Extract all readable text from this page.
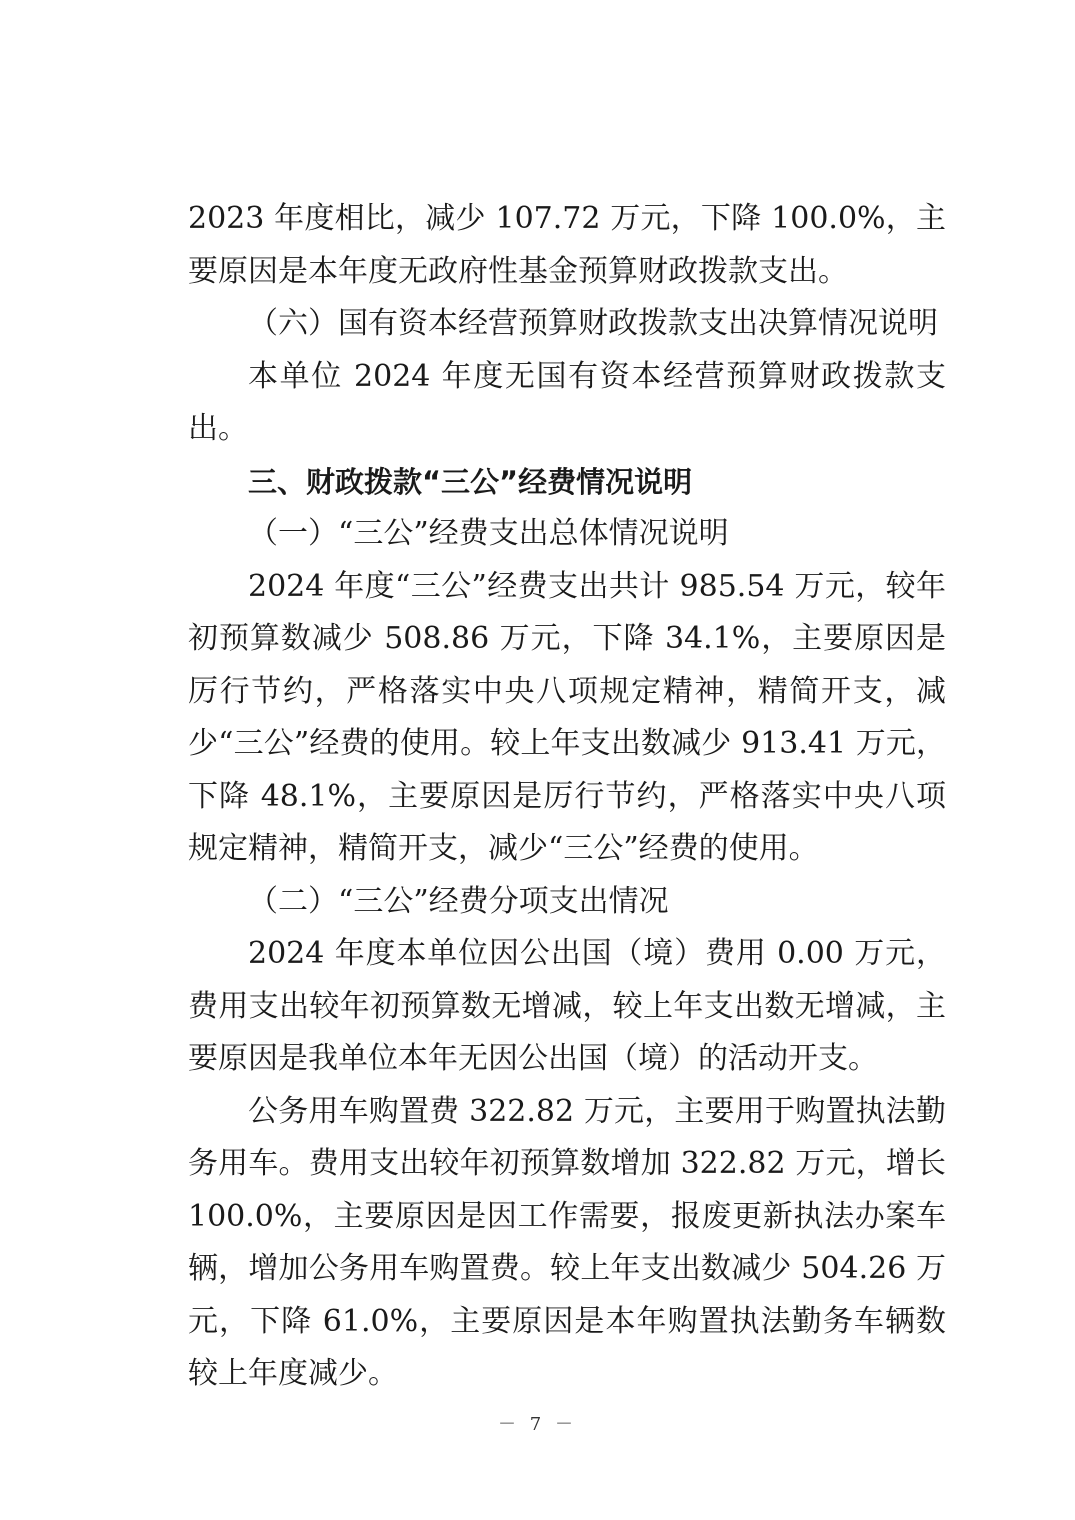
2023 年度相比，减少 107.72 万元，下降 100.0%，主要原因是本年度无政府性基金预算财政拨款支出。

（六）国有资本经营预算财政拨款支出决算情况说明

本单位 2024 年度无国有资本经营预算财政拨款支出。

三、财政拨款“三公”经费情况说明

（一）“三公”经费支出总体情况说明

2024 年度“三公”经费支出共计 985.54 万元，较年初预算数减少 508.86 万元，下降 34.1%，主要原因是厉行节约，严格落实中央八项规定精神，精简开支，减少“三公”经费的使用。较上年支出数减少 913.41 万元，下降 48.1%，主要原因是厉行节约，严格落实中央八项规定精神，精简开支，减少“三公”经费的使用。

（二）“三公”经费分项支出情况

2024 年度本单位因公出国（境）费用 0.00 万元，费用支出较年初预算数无增减，较上年支出数无增减，主要原因是我单位本年无因公出国（境）的活动开支。

公务用车购置费 322.82 万元，主要用于购置执法勤务用车。费用支出较年初预算数增加 322.82 万元，增长 100.0%，主要原因是因工作需要，报废更新执法办案车辆，增加公务用车购置费。较上年支出数减少 504.26 万元，下降 61.0%，主要原因是本年购置执法勤务车辆数较上年度减少。

－ 7 －
